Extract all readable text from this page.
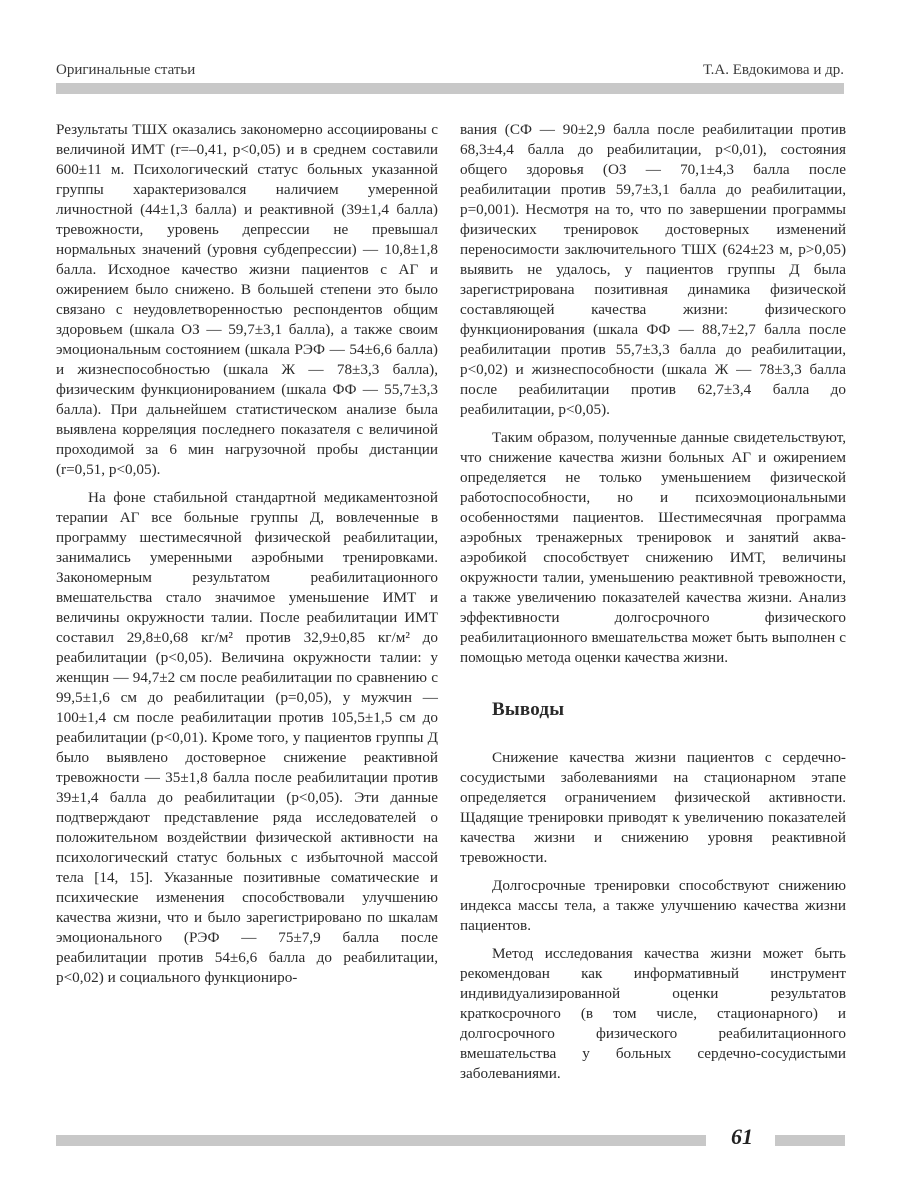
Оригинальные статьи	Т.А. Евдокимова и др.

Результаты ТШХ оказались закономерно ассоциированы с величиной ИМТ (r=–0,41, p<0,05) и в среднем составили 600±11 м. Психологический статус больных указанной группы характеризовался наличием умеренной личностной (44±1,3 балла) и реактивной (39±1,4 балла) тревожности, уровень депрессии не превышал нормальных значений (уровня субдепрессии) — 10,8±1,8 балла. Исходное качество жизни пациентов с АГ и ожирением было снижено. В большей степени это было связано с неудовлетворенностью респондентов общим здоровьем (шкала ОЗ — 59,7±3,1 балла), а также своим эмоциональным состоянием (шкала РЭФ — 54±6,6 балла) и жизнеспособностью (шкала Ж — 78±3,3 балла), физическим функционированием (шкала ФФ — 55,7±3,3 балла). При дальнейшем статистическом анализе была выявлена корреляция последнего показателя с величиной проходимой за 6 мин нагрузочной пробы дистанции (r=0,51, p<0,05).

На фоне стабильной стандартной медикаментозной терапии АГ все больные группы Д, вовлеченные в программу шестимесячной физической реабилитации, занимались умеренными аэробными тренировками. Закономерным результатом реабилитационного вмешательства стало значимое уменьшение ИМТ и величины окружности талии. После реабилитации ИМТ составил 29,8±0,68 кг/м² против 32,9±0,85 кг/м² до реабилитации (p<0,05). Величина окружности талии: у женщин — 94,7±2 см после реабилитации по сравнению с 99,5±1,6 см до реабилитации (p=0,05), у мужчин — 100±1,4 см после реабилитации против 105,5±1,5 см до реабилитации (p<0,01). Кроме того, у пациентов группы Д было выявлено достоверное снижение реактивной тревожности — 35±1,8 балла после реабилитации против 39±1,4 балла до реабилитации (p<0,05). Эти данные подтверждают представление ряда исследователей о положительном воздействии физической активности на психологический статус больных с избыточной массой тела [14, 15]. Указанные позитивные соматические и психические изменения способствовали улучшению качества жизни, что и было зарегистрировано по шкалам эмоционального (РЭФ — 75±7,9 балла после реабилитации против 54±6,6 балла до реабилитации, p<0,02) и социального функциониро-

вания (СФ — 90±2,9 балла после реабилитации против 68,3±4,4 балла до реабилитации, p<0,01), состояния общего здоровья (ОЗ — 70,1±4,3 балла после реабилитации против 59,7±3,1 балла до реабилитации, p=0,001). Несмотря на то, что по завершении программы физических тренировок достоверных изменений переносимости заключительного ТШХ (624±23 м, p>0,05) выявить не удалось, у пациентов группы Д была зарегистрирована позитивная динамика физической составляющей качества жизни: физического функционирования (шкала ФФ — 88,7±2,7 балла после реабилитации против 55,7±3,3 балла до реабилитации, p<0,02) и жизнеспособности (шкала Ж — 78±3,3 балла после реабилитации против 62,7±3,4 балла до реабилитации, p<0,05).

Таким образом, полученные данные свидетельствуют, что снижение качества жизни больных АГ и ожирением определяется не только уменьшением физической работоспособности, но и психоэмоциональными особенностями пациентов. Шестимесячная программа аэробных тренажерных тренировок и занятий аква-аэробикой способствует снижению ИМТ, величины окружности талии, уменьшению реактивной тревожности, а также увеличению показателей качества жизни. Анализ эффективности долгосрочного физического реабилитационного вмешательства может быть выполнен с помощью метода оценки качества жизни.

Выводы

Снижение качества жизни пациентов с сердечно-сосудистыми заболеваниями на стационарном этапе определяется ограничением физической активности. Щадящие тренировки приводят к увеличению показателей качества жизни и снижению уровня реактивной тревожности.

Долгосрочные тренировки способствуют снижению индекса массы тела, а также улучшению качества жизни пациентов.

Метод исследования качества жизни может быть рекомендован как информативный инструмент индивидуализированной оценки результатов краткосрочного (в том числе, стационарного) и долгосрочного физического реабилитационного вмешательства у больных сердечно-сосудистыми заболеваниями.

61
